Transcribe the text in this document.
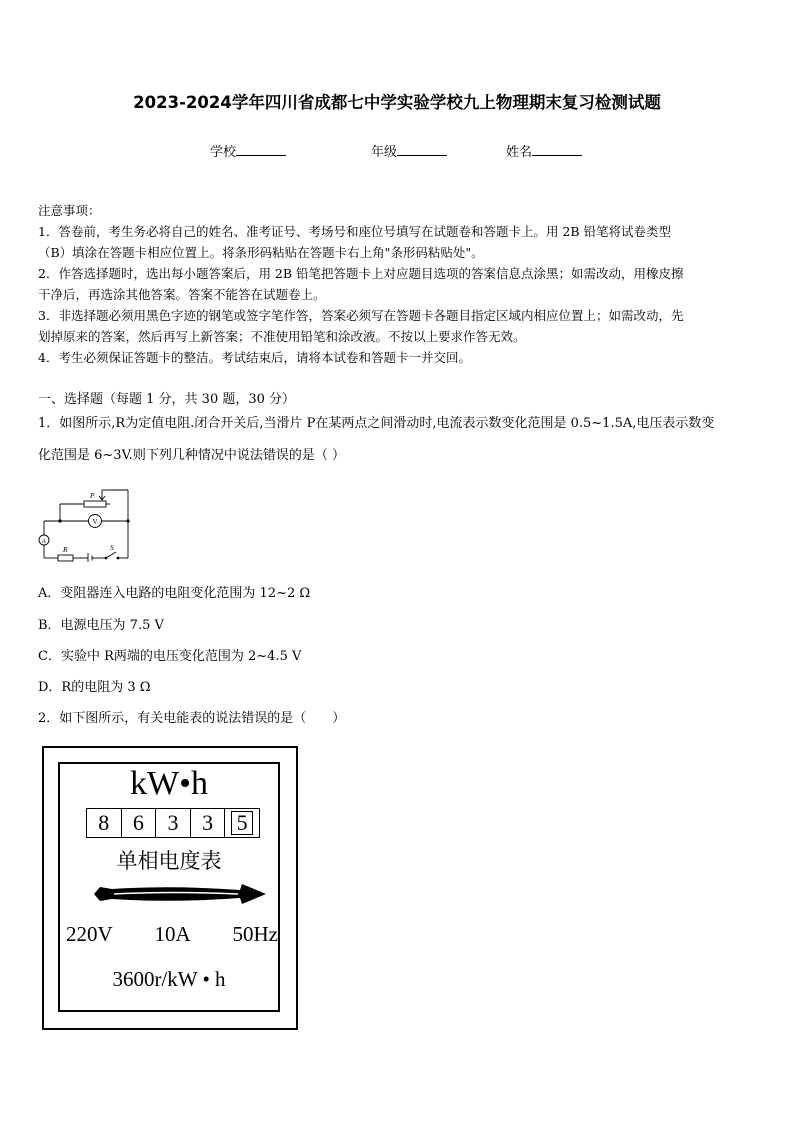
2023-2024学年四川省成都七中学实验学校九上物理期末复习检测试题
学校	年级	姓名
注意事项：
1．答卷前，考生务必将自己的姓名、准考证号、考场号和座位号填写在试题卷和答题卡上。用 2B 铅笔将试卷类型
（B）填涂在答题卡相应位置上。将条形码粘贴在答题卡右上角"条形码粘贴处"。
2．作答选择题时，选出每小题答案后，用 2B 铅笔把答题卡上对应题目选项的答案信息点涂黑；如需改动，用橡皮擦
干净后，再选涂其他答案。答案不能答在试题卷上。
3．非选择题必须用黑色字迹的钢笔或签字笔作答，答案必须写在答题卡各题目指定区域内相应位置上；如需改动，先
划掉原来的答案，然后再写上新答案；不准使用铅笔和涂改液。不按以上要求作答无效。
4．考生必须保证答题卡的整洁。考试结束后，请将本试卷和答题卡一并交回。
一、选择题（每题 1 分，共 30 题，30 分）
1．如图所示,R为定值电阻.闭合开关后,当滑片 P在某两点之间滑动时,电流表示数变化范围是 0.5~1.5A,电压表示数变
化范围是 6~3V.则下列几种情况中说法错误的是（ ）
P
V
A
R	S
A．变阻器连入电路的电阻变化范围为 12~2 Ω
B．电源电压为 7.5 V
C．实验中 R两端的电压变化范围为 2~4.5 V
D．R的电阻为 3 Ω
2．如下图所示，有关电能表的说法错误的是（　　）
kW•h
8	6	3	3	5
单相电度表
220V 10A 50Hz
3600r/kW • h
